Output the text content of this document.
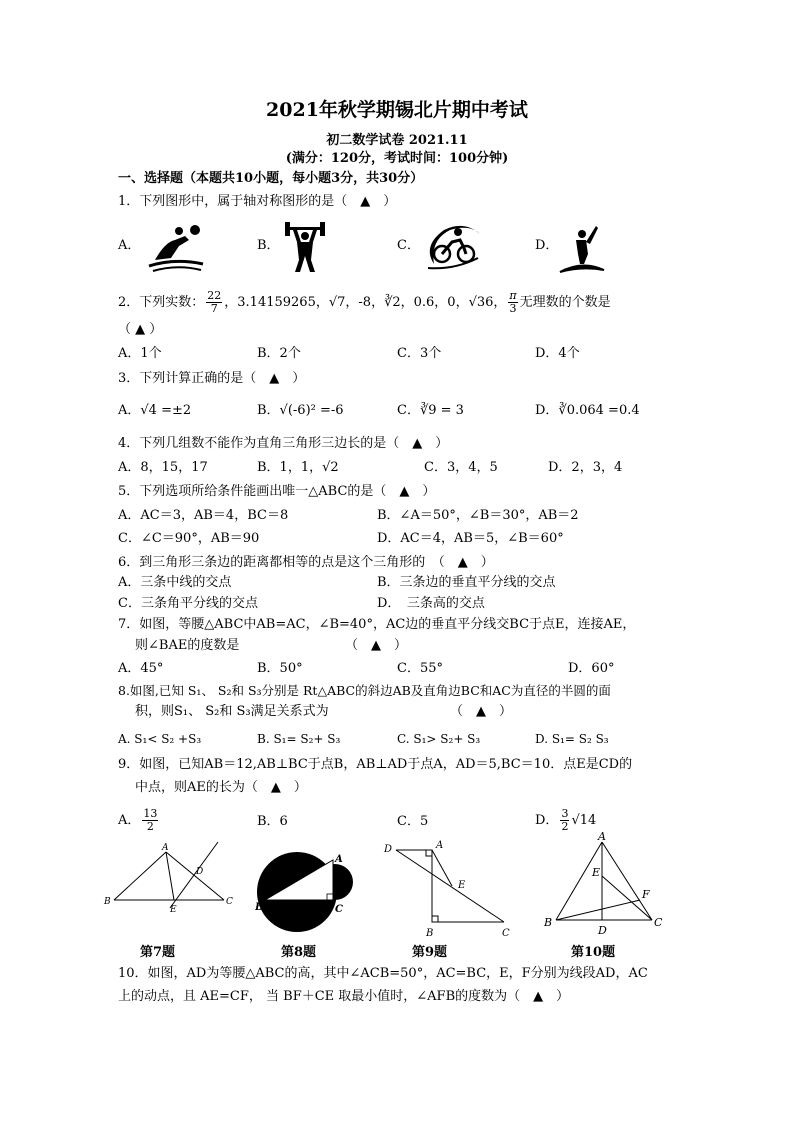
2021年秋学期锡北片期中考试
初二数学试卷 2021.11
(满分：120分，考试时间：100分钟)
一、选择题（本题共10小题，每小题3分，共30分）
1．下列图形中，属于轴对称图形的是（　▲　）
A．	B．	C．	D．
2．下列实数： $\frac{22}{7}$ ，3.14159265，√7，-8，∛2，0.6，0，√36， $\frac{\pi}{3}$ 无理数的个数是
（ ▲ ）
A．1个	B．2个	C．3个	D．4个
3．下列计算正确的是（　▲　）
A．√4 =±2	B．√(-6)² =-6	C．∛9 = 3	D．∛0.064 =0.4
4．下列几组数不能作为直角三角形三边长的是（　▲　）
A．8，15，17	B．1，1，√2	C．3，4，5	D．2，3，4
5．下列选项所给条件能画出唯一△ABC的是（　▲　）
A．AC＝3，AB＝4，BC＝8	B．∠A＝50°，∠B＝30°，AB＝2
C．∠C＝90°，AB＝90	D．AC＝4，AB＝5，∠B＝60°
6．到三角形三条边的距离都相等的点是这个三角形的　（　▲　）
A．三条中线的交点	B．三条边的垂直平分线的交点
C．三条角平分线的交点	D．　三条高的交点
7．如图，等腰△ABC中AB=AC，∠B=40°，AC边的垂直平分线交BC于点E，连接AE，
则∠BAE的度数是	（　▲　）
A．45°	B．50°	C．55°	D．60°
8.如图,已知 S₁、 S₂和 S₃分别是 Rt△ABC的斜边AB及直角边BC和AC为直径的半圆的面
积，则S₁、 S₂和 S₃满足关系式为	（　▲　）
A. S₁< S₂ +S₃	B. S₁= S₂+ S₃	C. S₁> S₂+ S₃	D. S₁= S₂ S₃
9．如图，已知AB＝12,AB⊥BC于点B，AB⊥AD于点A，AD＝5,BC＝10．点E是CD的
中点，则AE的长为（　▲　）
A． $\frac{13}{2}$	B．6	C．5	D． $\frac{3}{2} √14$
A
B	C
D
E
第7题
A
B	C
第8题
D	A
E
B	C
第9题
A
E
F
B
D
C
第10题
10．如图，AD为等腰△ABC的高，其中∠ACB=50°，AC=BC，E，F分别为线段AD，AC
上的动点，且 AE=CF， 当 BF＋CE 取最小值时，∠AFB的度数为（　▲　）
